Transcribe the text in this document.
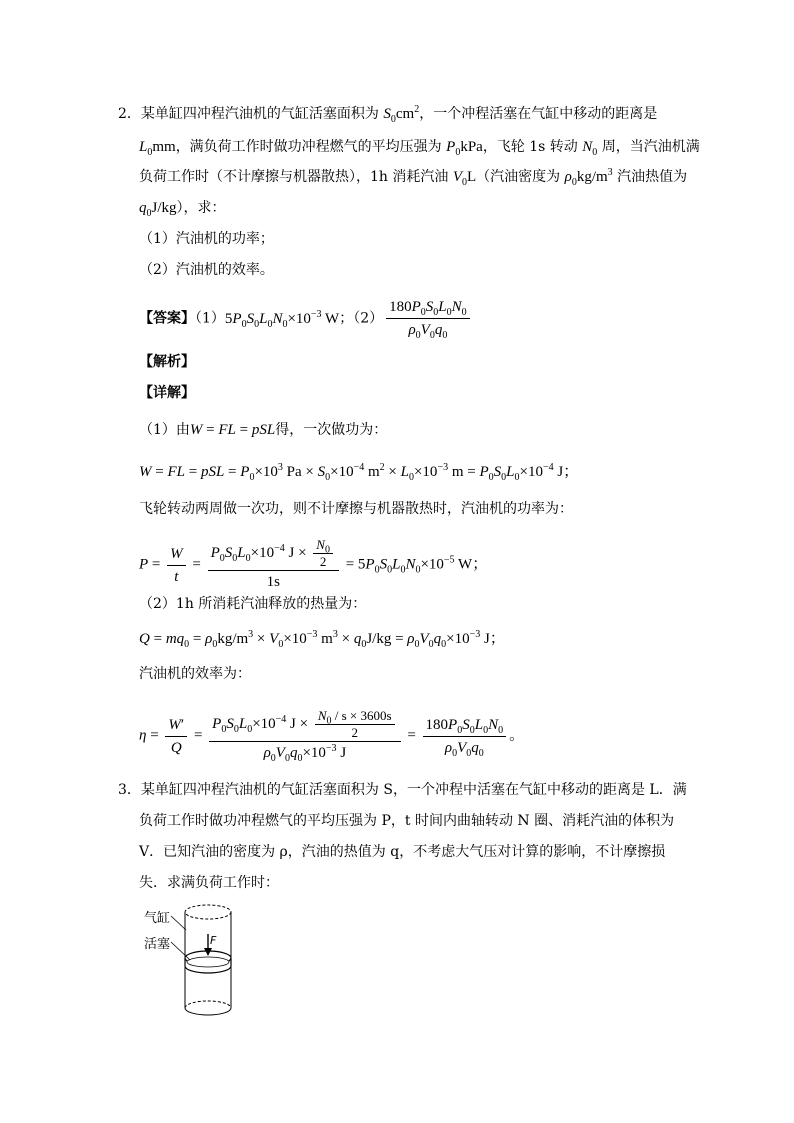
2．某单缸四冲程汽油机的气缸活塞面积为 $S_0cm^2$，一个冲程活塞在气缸中移动的距离是
$L_0mm$，满负荷工作时做功冲程燃气的平均压强为 $P_0kPa$，飞轮 1s 转动 $N_0$ 周，当汽油机满
负荷工作时（不计摩擦与机器散热），1h 消耗汽油 $V_0L$（汽油密度为 $\rho_0kg/m^3$ 汽油热值为
$q_0J/kg$），求：
（1）汽油机的功率；
（2）汽油机的效率。
【答案】$(1)5P_0S_0L_0N_0\times 10^{-3}$ W；$(2) \frac{180P_0S_0L_0N_0}{\rho_0V_0q_0}$
【解析】
【详解】
（1）由W = FL = pSL得，一次做功为：
W = FL = pSL = $P_0\times 10^3$ $Pa \times S_0\times 10^{-4}$ $m^2 \times L_0\times 10^{-3}$ $m = P_0S_0L_0\times 10^{-4}$ J；
飞轮转动两周做一次功，则不计摩擦与机器散热时，汽油机的功率为：
$P = \frac{W}{t} = \frac{P_0S_0L_0\times 10^{-4} J \times \frac{N_0}{2}}{1s} = 5P_0S_0L_0N_0\times 10^{-5}$ W；
（2）1h 所消耗汽油释放的热量为：
$Q = mq_0 = \rho_0kg/m^3 \times V_0\times 10^{-3}$ $m^3 \times q_0J/kg = \rho_0V_0q_0\times 10^{-3}$ J；
汽油机的效率为：
$\eta = \frac{W'}{Q} = \frac{P_0S_0L_0\times 10^{-4} J \times \frac{N_0 / s \times 3600s}{2}}{\rho_0V_0q_0\times 10^{-3} J} = \frac{180P_0S_0L_0N_0}{\rho_0V_0q_0}$ 。
3．某单缸四冲程汽油机的气缸活塞面积为 S，一个冲程中活塞在气缸中移动的距离是 L．满
负荷工作时做功冲程燃气的平均压强为 P，t 时间内曲轴转动 N 圈、消耗汽油的体积为
V．已知汽油的密度为 ρ，汽油的热值为 q，不考虑大气压对计算的影响，不计摩擦损
失．求满负荷工作时：
F
气缸
活塞
